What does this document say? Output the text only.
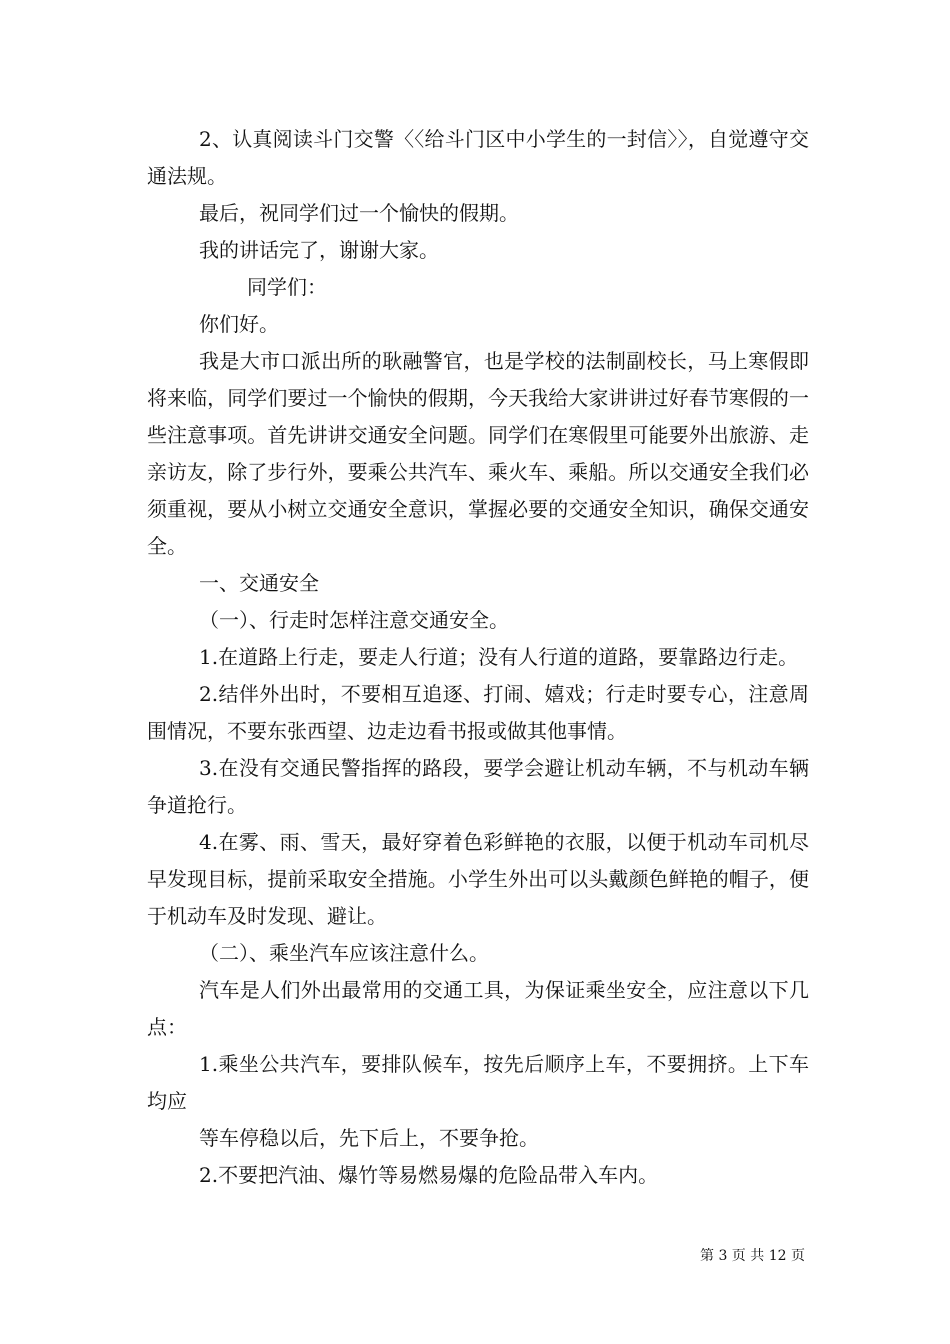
2、认真阅读斗门交警〈〈给斗门区中小学生的一封信〉〉，自觉遵守交通法规。

最后，祝同学们过一个愉快的假期。

我的讲话完了，谢谢大家。

同学们：

你们好。

我是大市口派出所的耿融警官，也是学校的法制副校长，马上寒假即将来临，同学们要过一个愉快的假期，今天我给大家讲讲过好春节寒假的一些注意事项。首先讲讲交通安全问题。同学们在寒假里可能要外出旅游、走亲访友，除了步行外，要乘公共汽车、乘火车、乘船。所以交通安全我们必须重视，要从小树立交通安全意识，掌握必要的交通安全知识，确保交通安全。

一、交通安全

（一）、行走时怎样注意交通安全。

1.在道路上行走，要走人行道；没有人行道的道路，要靠路边行走。

2.结伴外出时，不要相互追逐、打闹、嬉戏；行走时要专心，注意周围情况，不要东张西望、边走边看书报或做其他事情。

3.在没有交通民警指挥的路段，要学会避让机动车辆，不与机动车辆争道抢行。

4.在雾、雨、雪天，最好穿着色彩鲜艳的衣服，以便于机动车司机尽早发现目标，提前采取安全措施。小学生外出可以头戴颜色鲜艳的帽子，便于机动车及时发现、避让。

（二）、乘坐汽车应该注意什么。

汽车是人们外出最常用的交通工具，为保证乘坐安全，应注意以下几点：

1.乘坐公共汽车，要排队候车，按先后顺序上车，不要拥挤。上下车均应

等车停稳以后，先下后上，不要争抢。

2.不要把汽油、爆竹等易燃易爆的危险品带入车内。

第 3 页 共 12 页
